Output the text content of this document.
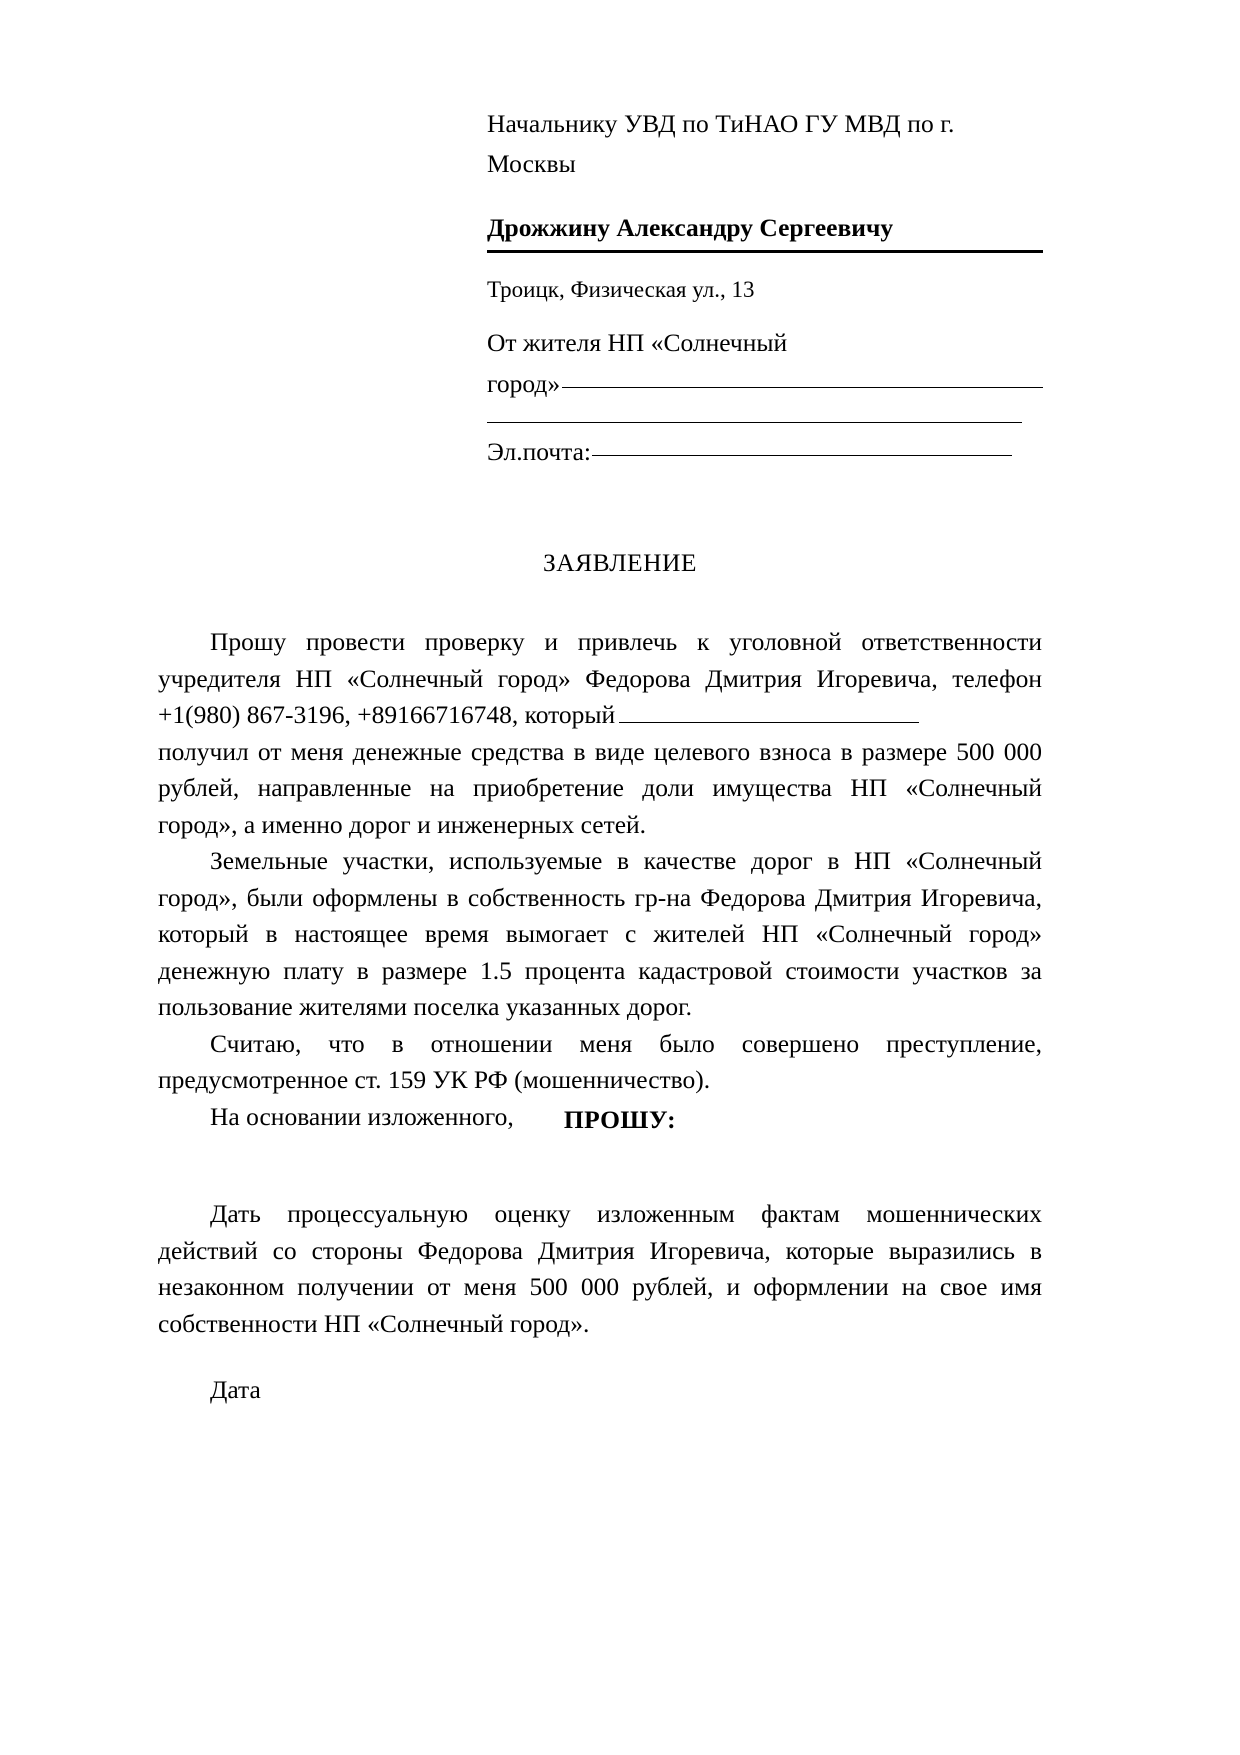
Начальнику УВД по ТиНАО ГУ МВД по г.
Москвы
Дрожжину Александру Сергеевичу
Троицк, Физическая ул., 13
От жителя НП «Солнечный
город»
Эл.почта:
ЗАЯВЛЕНИЕ

Прошу провести проверку и привлечь к уголовной ответственности учредителя НП «Солнечный город» Федорова Дмитрия Игоревича, телефон +1(980) 867-3196, +89166716748, который

получил от меня денежные средства в виде целевого взноса в размере 500 000 рублей, направленные на приобретение доли имущества НП «Солнечный город», а именно дорог и инженерных сетей.

Земельные участки, используемые в качестве дорог в НП «Солнечный город», были оформлены в собственность гр-на Федорова Дмитрия Игоревича, который в настоящее время вымогает с жителей НП «Солнечный город» денежную плату в размере 1.5 процента кадастровой стоимости участков за пользование жителями поселка указанных дорог.

Считаю, что в отношении меня было совершено преступление, предусмотренное ст. 159 УК РФ (мошенничество).

На основании изложенного,	ПРОШУ:

Дать процессуальную оценку изложенным фактам мошеннических действий со стороны Федорова Дмитрия Игоревича, которые выразились в незаконном получении от меня 500 000 рублей, и оформлении на свое имя собственности НП «Солнечный город».

Дата
